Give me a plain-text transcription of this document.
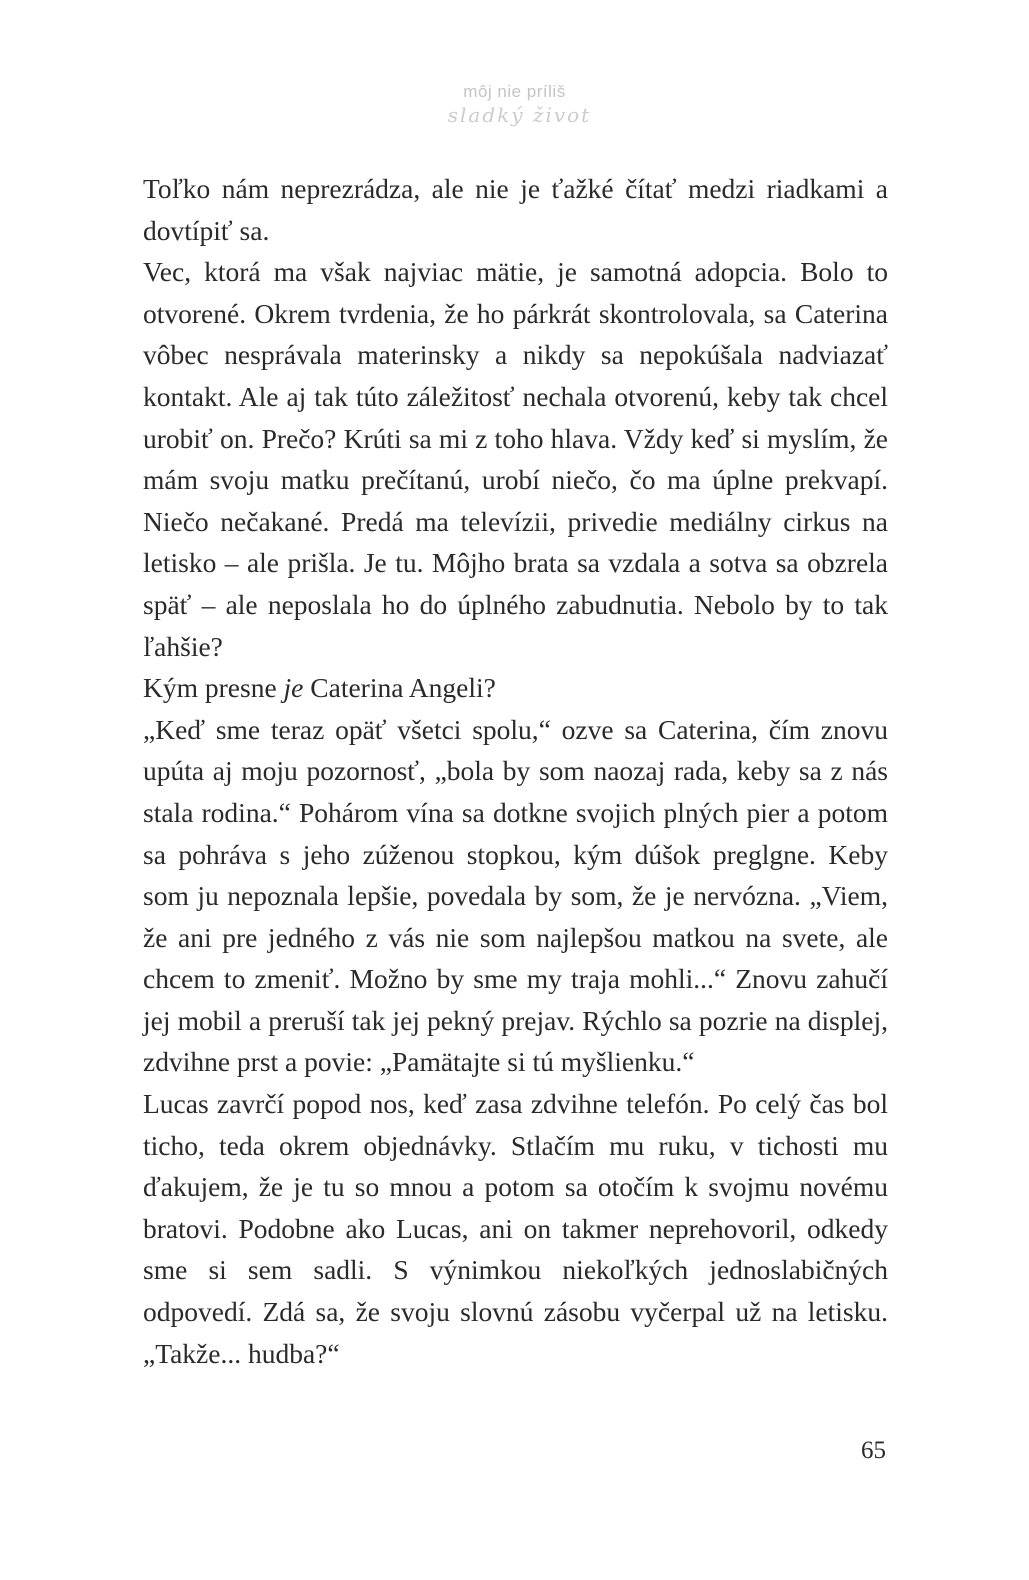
môj nie príliš
sladký život

Toľko nám neprezrádza, ale nie je ťažké čítať medzi riadkami a dovtípiť sa.

Vec, ktorá ma však najviac mätie, je samotná adopcia. Bolo to otvorené. Okrem tvrdenia, že ho párkrát skontrolovala, sa Caterina vôbec nesprávala materinsky a nikdy sa nepokúšala nadviazať kontakt. Ale aj tak túto záležitosť nechala otvorenú, keby tak chcel urobiť on. Prečo? Krúti sa mi z toho hlava. Vždy keď si myslím, že mám svoju matku prečítanú, urobí niečo, čo ma úplne prekvapí. Niečo nečakané. Predá ma televízii, privedie mediálny cirkus na letisko – ale prišla. Je tu. Môjho brata sa vzdala a sotva sa obzrela späť – ale neposlala ho do úplného zabudnutia. Nebolo by to tak ľahšie?

Kým presne je Caterina Angeli?

„Keď sme teraz opäť všetci spolu,“ ozve sa Caterina, čím znovu upúta aj moju pozornosť, „bola by som naozaj rada, keby sa z nás stala rodina.“ Pohárom vína sa dotkne svojich plných pier a potom sa pohráva s jeho zúženou stopkou, kým dúšok preglgne. Keby som ju nepoznala lepšie, povedala by som, že je nervózna. „Viem, že ani pre jedného z vás nie som najlepšou matkou na svete, ale chcem to zmeniť. Možno by sme my traja mohli...“ Znovu zahučí jej mobil a preruší tak jej pekný prejav. Rýchlo sa pozrie na displej, zdvihne prst a povie: „Pamätajte si tú myšlienku.“

Lucas zavrčí popod nos, keď zasa zdvihne telefón. Po celý čas bol ticho, teda okrem objednávky. Stlačím mu ruku, v tichosti mu ďakujem, že je tu so mnou a potom sa otočím k svojmu novému bratovi. Podobne ako Lucas, ani on takmer neprehovoril, odkedy sme si sem sadli. S výnimkou niekoľkých jednoslabičných odpovedí. Zdá sa, že svoju slovnú zásobu vyčerpal už na letisku. „Takže... hudba?“

65
